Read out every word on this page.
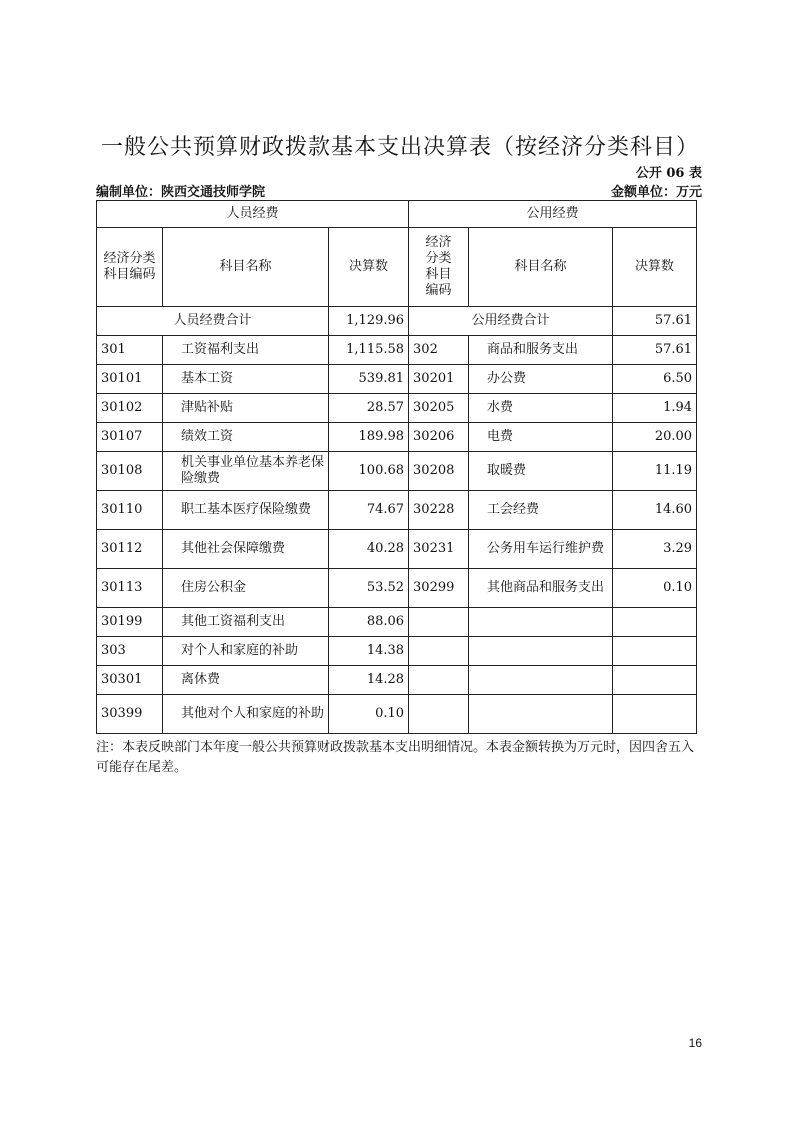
一般公共预算财政拨款基本支出决算表（按经济分类科目）
公开 06 表
编制单位：陕西交通技师学院	金额单位：万元
人员经费			公用经费		
经济分类科目编码	科目名称	决算数	经济分类科目编码	科目名称	决算数
人员经费合计		1,129.96	公用经费合计		57.61
301	工资福利支出	1,115.58	302	商品和服务支出	57.61
30101	基本工资	539.81	30201	办公费	6.50
30102	津贴补贴	28.57	30205	水费	1.94
30107	绩效工资	189.98	30206	电费	20.00
30108	机关事业单位基本养老保险缴费	100.68	30208	取暖费	11.19
30110	职工基本医疗保险缴费	74.67	30228	工会经费	14.60
30112	其他社会保障缴费	40.28	30231	公务用车运行维护费	3.29
30113	住房公积金	53.52	30299	其他商品和服务支出	0.10
30199	其他工资福利支出	88.06			
303	对个人和家庭的补助	14.38			
30301	离休费	14.28			
30399	其他对个人和家庭的补助	0.10			
注：本表反映部门本年度一般公共预算财政拨款基本支出明细情况。本表金额转换为万元时，因四舍五入可能存在尾差。
16
